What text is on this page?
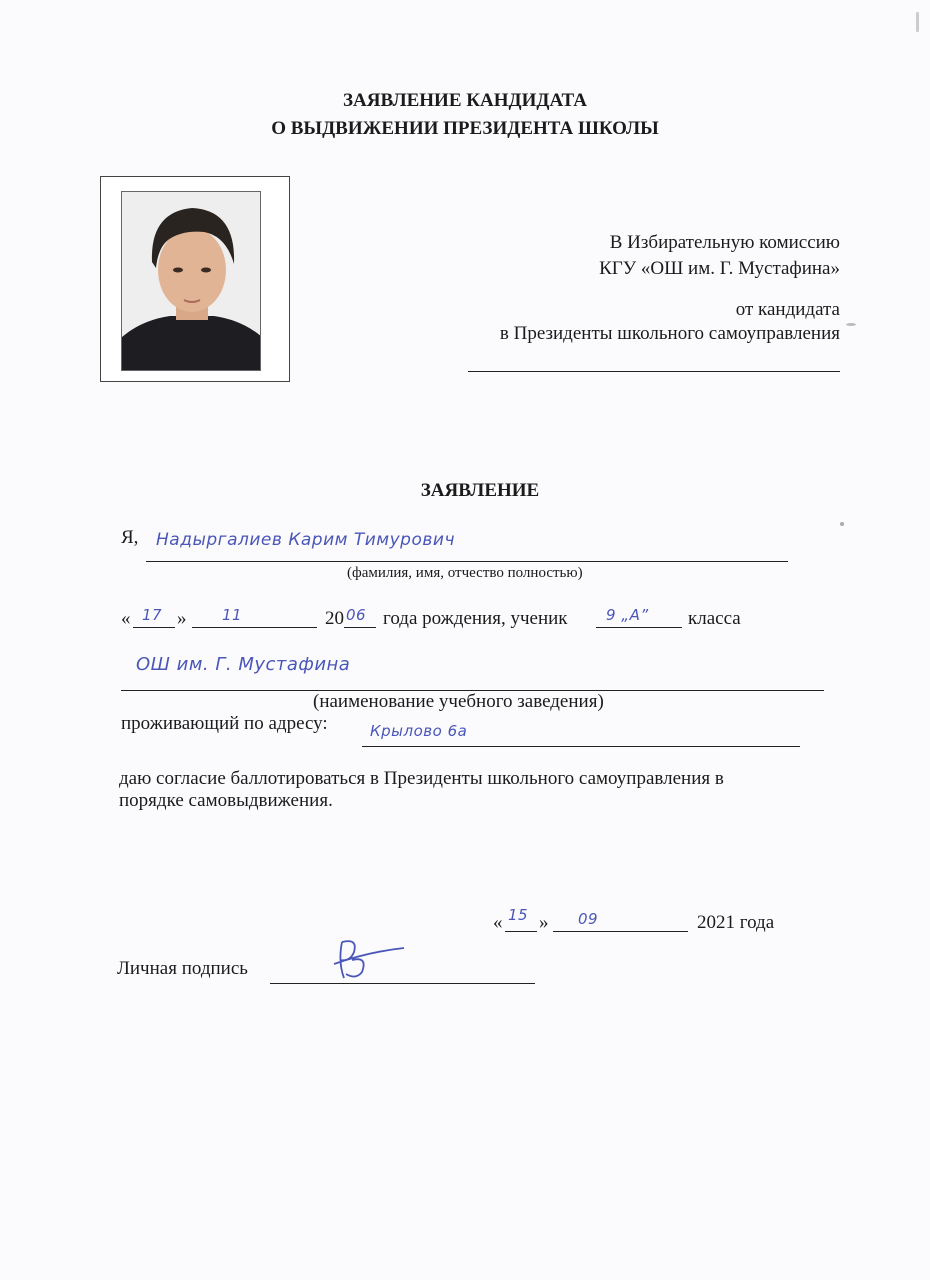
ЗАЯВЛЕНИЕ КАНДИДАТА
О ВЫДВИЖЕНИИ ПРЕЗИДЕНТА ШКОЛЫ
В Избирательную комиссию
КГУ «ОШ им. Г. Мустафина»
от кандидата
в Президенты школьного самоуправления
ЗАЯВЛЕНИЕ
Я, Надыргалиев Карим Тимурович
(фамилия, имя, отчество полностью)
« 17 » 11	20 06 года рождения, ученик	9 „А” класса
ОШ им. Г. Мустафина
(наименование учебного заведения)
проживающий по адресу:	Крылово 6а
даю согласие баллотироваться в Президенты школьного самоуправления в
порядке самовыдвижения.
« 15 » 09	2021 года
Личная подпись
